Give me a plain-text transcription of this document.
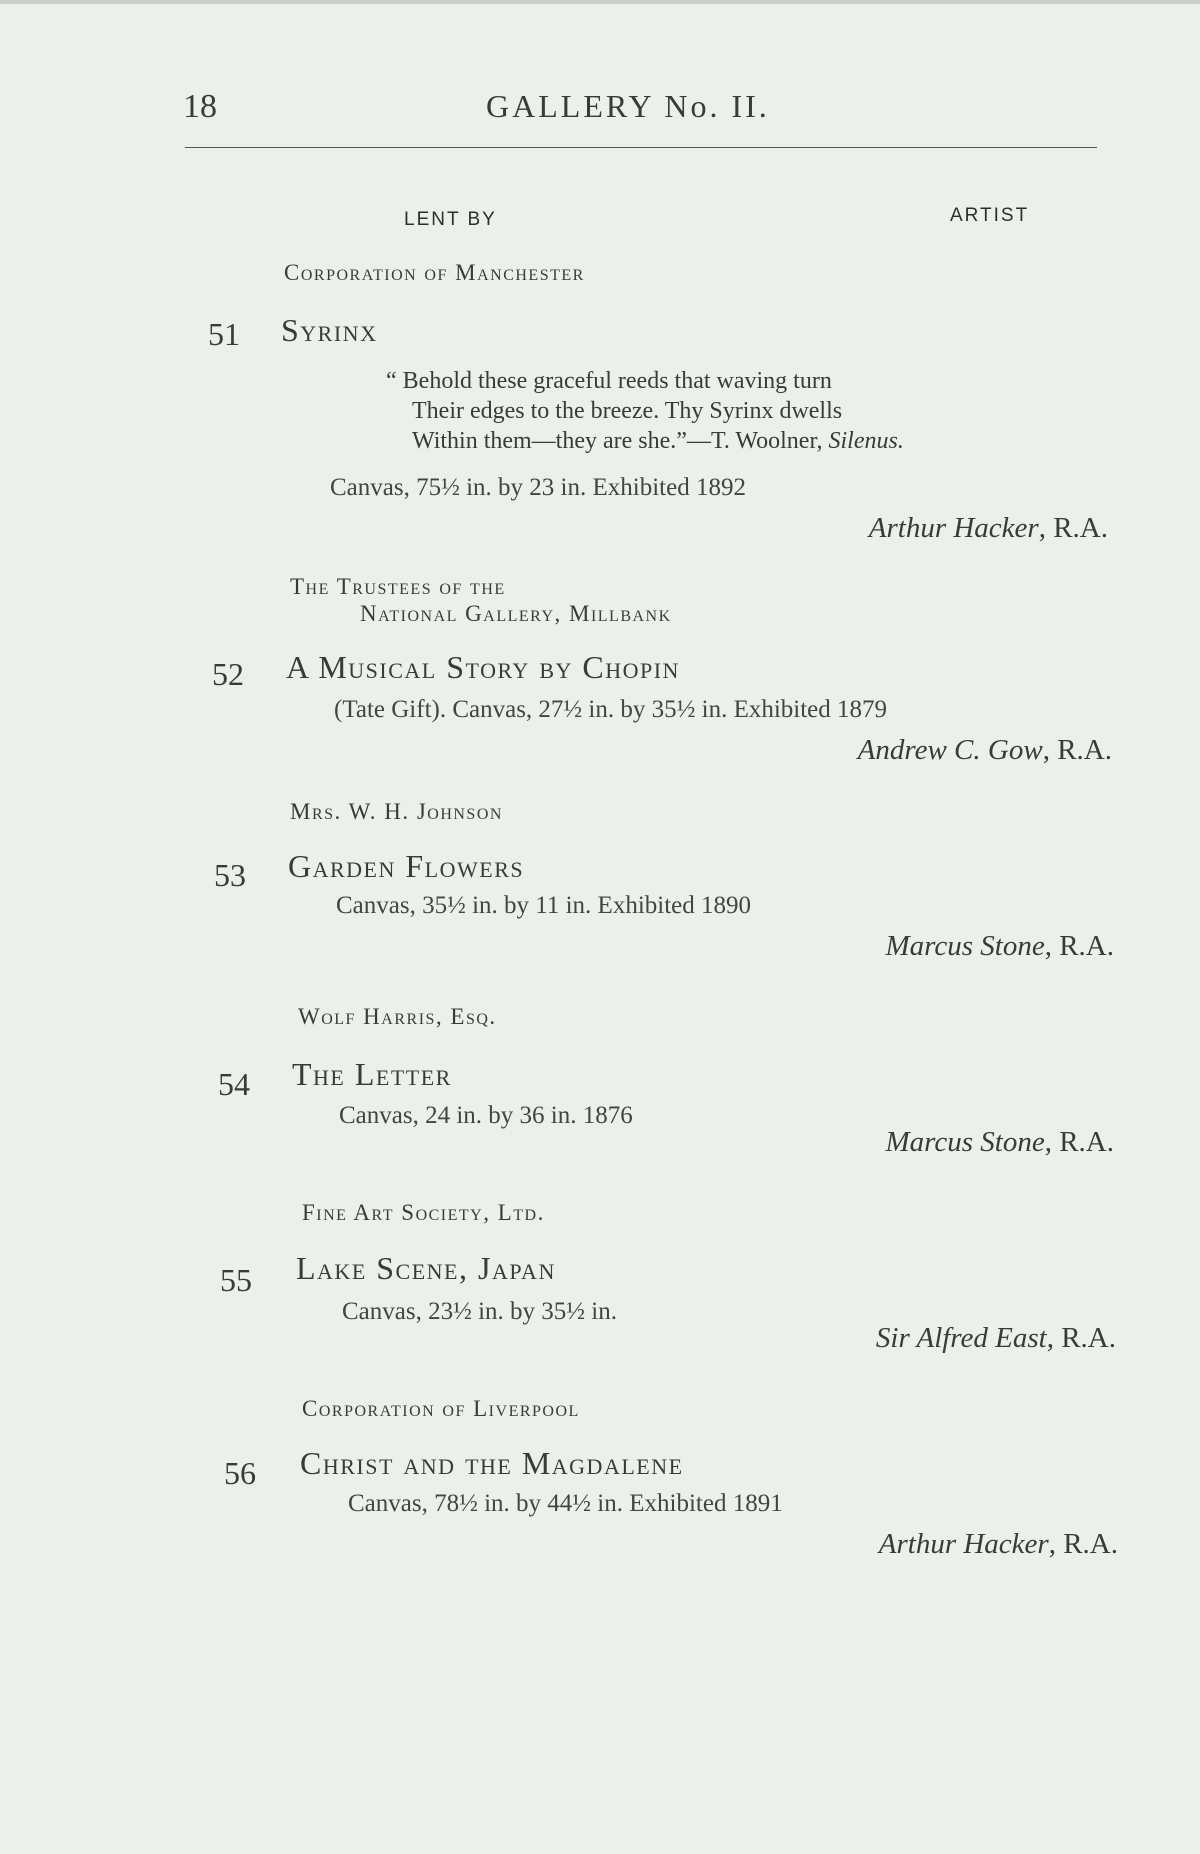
18	GALLERY No. II.
LENT BY	ARTIST
Corporation of Manchester
51 Syrinx
“ Behold these graceful reeds that waving turn
Their edges to the breeze. Thy Syrinx dwells
Within them—they are she.”—T. Woolner, Silenus.
Canvas, 75½ in. by 23 in. Exhibited 1892
Arthur Hacker, R.A.
The Trustees of the
National Gallery, Millbank
52 A Musical Story by Chopin
(Tate Gift). Canvas, 27½ in. by 35½ in. Exhibited 1879
Andrew C. Gow, R.A.
Mrs. W. H. Johnson
53 Garden Flowers
Canvas, 35½ in. by 11 in. Exhibited 1890
Marcus Stone, R.A.
Wolf Harris, Esq.
54 The Letter
Canvas, 24 in. by 36 in. 1876
Marcus Stone, R.A.
Fine Art Society, Ltd.
55 Lake Scene, Japan
Canvas, 23½ in. by 35½ in.
Sir Alfred East, R.A.
Corporation of Liverpool
56 Christ and the Magdalene
Canvas, 78½ in. by 44½ in. Exhibited 1891
Arthur Hacker, R.A.
